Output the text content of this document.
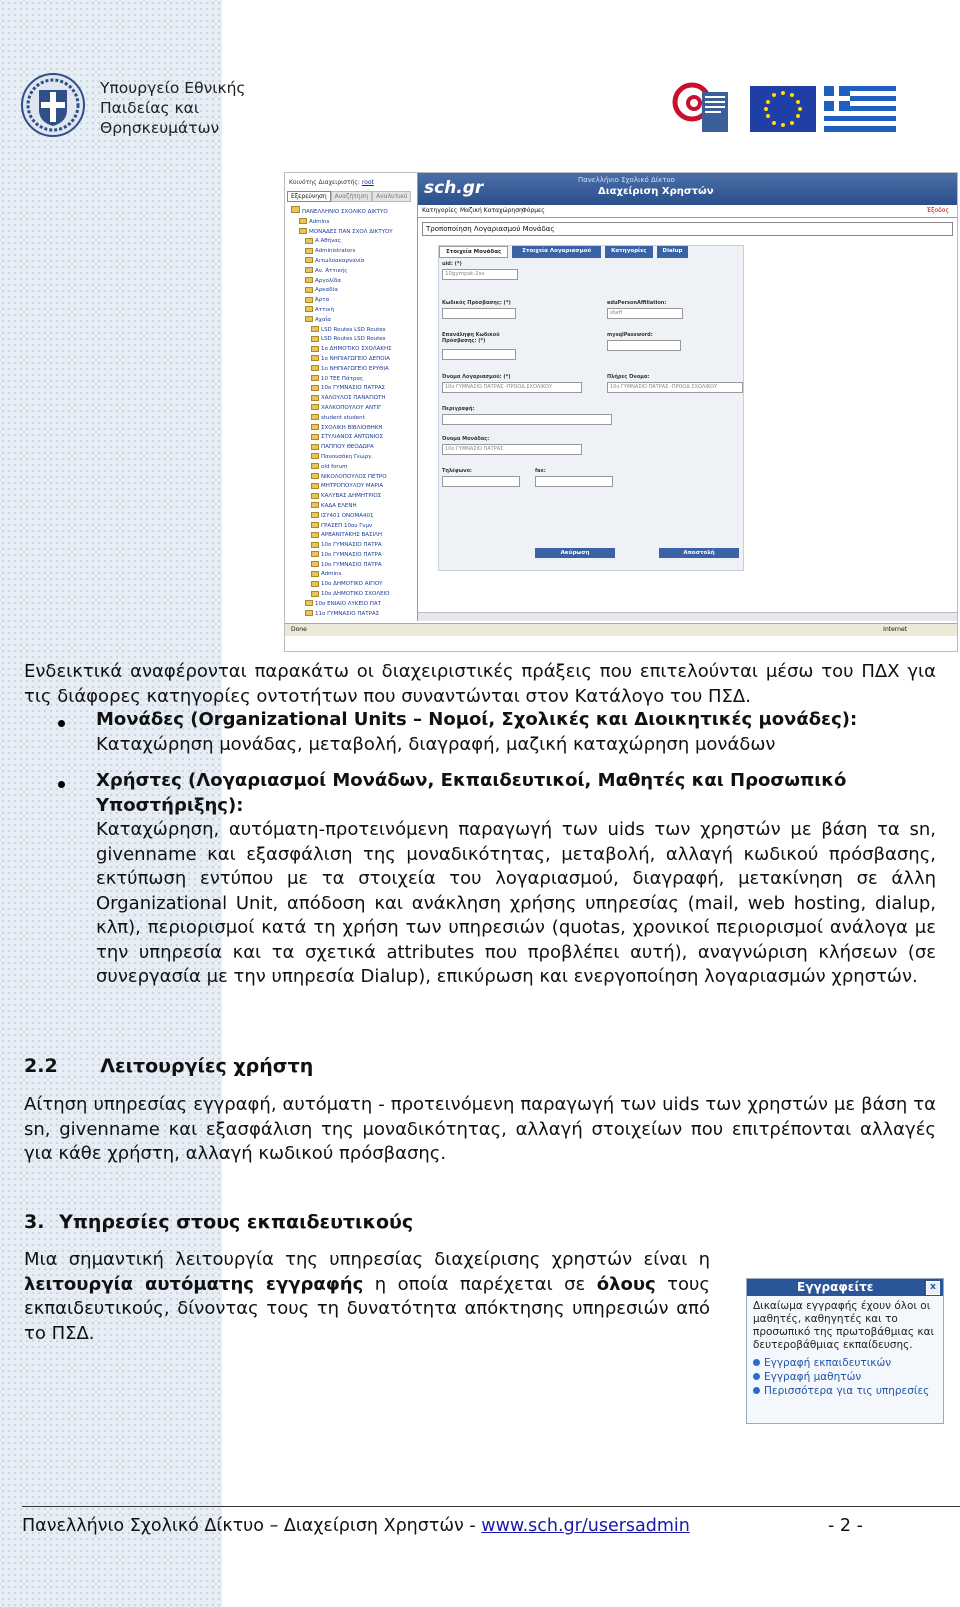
Υπουργείο Εθνικής
Παιδείας και
Θρησκευμάτων
Κοινότης Διαχειριστής: root
Εξερεύνηση	Αναζήτηση	Αναλυτικό
ΠΑΝΕΛΛΗΝΙΟ ΣΧΟΛΙΚΟ ΔΙΚΤΥΟ
Admins
ΜΟΝΑΔΕΣ ΠΑΝ ΣΧΟΛ ΔΙΚΤΥΟΥ
Α Αθήνας
Administrators
Αιτωλοακαρνανία
Αν. Αττικής
Αργολίδα
Αρκαδία
Άρτα
Αττική
Αχαΐα
LSD Routes LSD Routes
LSD Routes LSD Routes
1ο ΔΗΜΟΤΙΚΟ ΣΧΟΛΑΚΗΣ
1ο ΝΗΠΙΑΓΩΓΕΙΟ ΔΕΠΟΙΑ
1ο ΝΗΠΙΑΓΩΓΕΙΟ ΕΡΥΘΙΑ
10 ΤΕΕ Πάτρας
10ο ΓΥΜΝΑΣΙΟ ΠΑΤΡΑΣ
ΧΑΛΟΥΛΟΣ ΠΑΝΑΓΙΩΤΗ
ΧΑΛΚΟΠΟΥΛΟΥ ΑΝΤΙΓ
student student
ΣΧΟΛΙΚΗ ΒΙΒΛΙΟΘΗΚΗ
ΣΤΥΛΙΑΝΟΣ ΑΝΤΩΝΙΟΣ
ΠΑΠΠΟΥ ΘΕΟΔΩΡΑ
Πανουσάκη Γεωργ.
old forum
ΝΙΚΟΛΟΠΟΥΛΟΣ ΠΕΤΡΟ
ΜΗΤΡΟΠΟΥΛΟΥ ΜΑΡΙΑ
ΚΑΛΥΒΑΣ ΔΗΜΗΤΡΙΟΣ
ΚΑΔΑ ΕΛΕΝΗ
ΙΣΥ401 ΟΝΟΜΑ401
ΓΡΑΣΕΠ 10ου Γυμν
ΑΡΒΑΝΙΤΑΚΗΣ ΒΑΣΙΛΗ
10ο ΓΥΜΝΑΣΙΟ ΠΑΤΡΑ
10ο ΓΥΜΝΑΣΙΟ ΠΑΤΡΑ
10ο ΓΥΜΝΑΣΙΟ ΠΑΤΡΑ
Admins
10ο ΔΗΜΟΤΙΚΟ ΑΙΓΙΟΥ
10ο ΔΗΜΟΤΙΚΟ ΣΧΟΛΕΙΟ
10ο ΕΝΙΑΙΟ ΛΥΚΕΙΟ ΠΑΤ
11ο ΓΥΜΝΑΣΙΟ ΠΑΤΡΑΣ
sch.gr	Πανελλήνιο Σχολικό Δίκτυο
Διαχείριση Χρηστών
Κατηγορίες Μαζική Καταχώρηση Φόρμες	Έξοδος
Τροποποίηση Λογαριασμού Μονάδας
Στοιχεία Μονάδας	Στοιχεία Λογαριασμού	Κατηγορίες	Dialup
uid: (*)
10gympat-2ss
Κωδικός Πρόσβασης: (*)	eduPersonAffiliation:
staff
Επανάληψη Κωδικού Πρόσβασης: (*)
mysqlPassword:
Όνομα Λογαριασμού: (*)
10ο ΓΥΜΝΑΣΙΟ ΠΑΤΡΑΣ -ΠΡΟΟΔ ΣΧΟΛΙΚΟΥ
Πλήρες Όνομα:
10ο ΓΥΜΝΑΣΙΟ ΠΑΤΡΑΣ -ΠΡΟΟΔ ΣΧΟΛΙΚΟΥ
Περιγραφή:
Όνομα Μονάδας:
10ο ΓΥΜΝΑΣΙΟ ΠΑΤΡΑΣ
Τηλέφωνο:	fax:
Ακύρωση	Αποστολή
Done	Internet
Ενδεικτικά αναφέρονται παρακάτω οι διαχειριστικές πράξεις που επιτελούνται μέσω του ΠΔΧ για τις διάφορες κατηγορίες οντοτήτων που συναντώνται στον Κατάλογο του ΠΣΔ.
Μονάδες (Organizational Units – Νομοί, Σχολικές και Διοικητικές μονάδες):
Καταχώρηση μονάδας, μεταβολή, διαγραφή, μαζική καταχώρηση μονάδων
Χρήστες (Λογαριασμοί Μονάδων, Εκπαιδευτικοί, Μαθητές και Προσωπικό Υποστήριξης):
Καταχώρηση, αυτόματη-προτεινόμενη παραγωγή των uids των χρηστών με βάση τα sn, givenname και εξασφάλιση της μοναδικότητας, μεταβολή, αλλαγή κωδικού πρόσβασης, εκτύπωση εντύπου με τα στοιχεία του λογαριασμού, διαγραφή, μετακίνηση σε άλλη Organizational Unit, απόδοση και ανάκληση χρήσης υπηρεσίας (mail, web hosting, dialup, κλπ), περιορισμοί κατά τη χρήση των υπηρεσιών (quotas, χρονικοί περιορισμοί ανάλογα με την υπηρεσία και τα σχετικά attributes που προβλέπει αυτή), αναγνώριση κλήσεων (σε συνεργασία με την υπηρεσία Dialup), επικύρωση και ενεργοποίηση λογαριασμών χρηστών.
2.2 Λειτουργίες χρήστη
Αίτηση υπηρεσίας εγγραφή, αυτόματη - προτεινόμενη παραγωγή των uids των χρηστών με βάση τα sn, givenname και εξασφάλιση της μοναδικότητας, αλλαγή στοιχείων που επιτρέπονται αλλαγές για κάθε χρήστη, αλλαγή κωδικού πρόσβασης.
3. Υπηρεσίες στους εκπαιδευτικούς
Μια σημαντική λειτουργία της υπηρεσίας διαχείρισης χρηστών είναι η λειτουργία αυτόματης εγγραφής η οποία παρέχεται σε όλους τους εκπαιδευτικούς, δίνοντας τους τη δυνατότητα απόκτησης υπηρεσιών από το ΠΣΔ.
Εγγραφείτε	x
Δικαίωμα εγγραφής έχουν όλοι οι μαθητές, καθηγητές και το προσωπικό της πρωτοβάθμιας και δευτεροβάθμιας εκπαίδευσης.
Εγγραφή εκπαιδευτικών
Εγγραφή μαθητών
Περισσότερα για τις υπηρεσίες
Πανελλήνιο Σχολικό Δίκτυο – Διαχείριση Χρηστών - www.sch.gr/usersadmin	- 2 -
